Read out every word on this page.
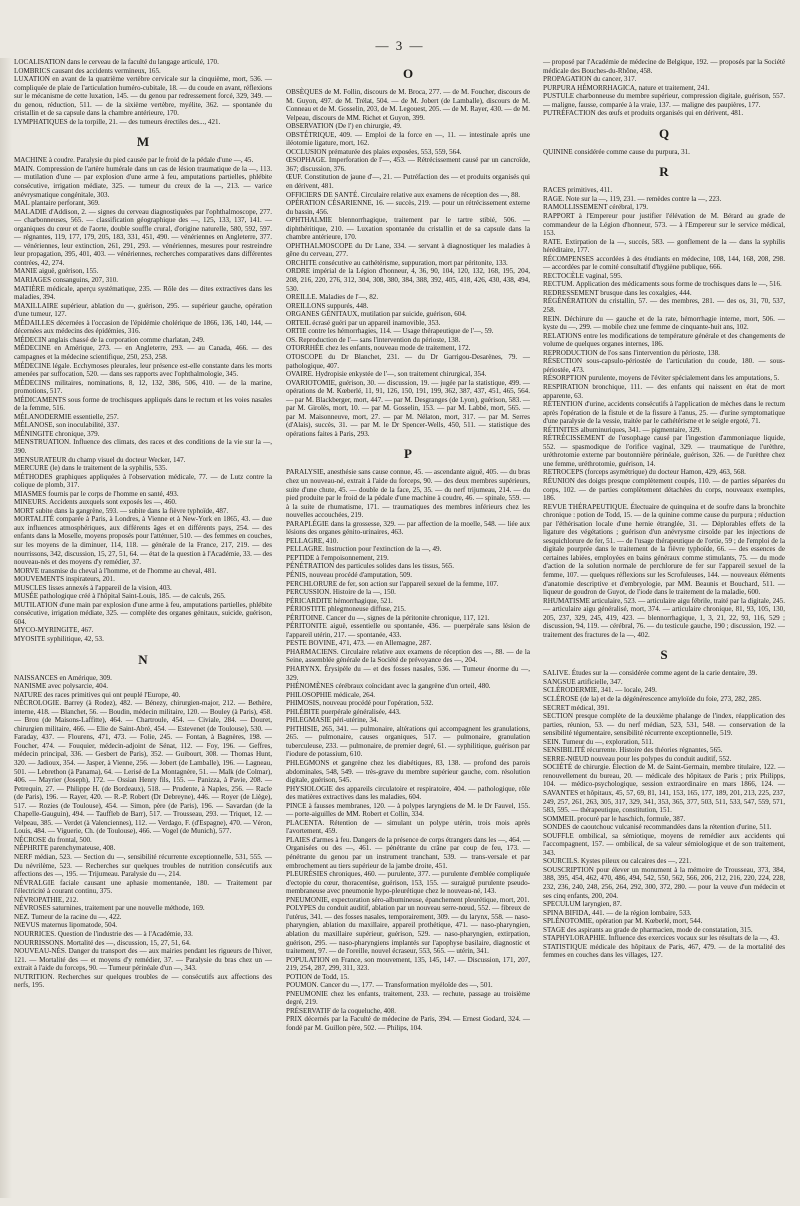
— 3 —

LOCALISATION dans le cerveau de la faculté du langage articulé, 170.

LOMBRICS causant des accidents vermineux, 165.

LUXATION en avant de la quatrième vertèbre cervicale sur la cinquième, mort, 536. — compliquée de plaie de l'articulation huméro-cubitale, 18. — du coude en avant, réflexions sur le mécanisme de cette luxation, 145. — du genou par redressement forcé, 329, 349. — du genou, réduction, 511. — de la sixième vertèbre, myélite, 362. — spontanée du cristallin et de sa capsule dans la chambre antérieure, 170.

LYMPHATIQUES de la torpille, 21. — des tumeurs érectiles des..., 421.

M

MACHINE à coudre. Paralysie du pied causée par le froid de la pédale d'une —, 45.

MAIN. Compression de l'artère humérale dans un cas de lésion traumatique de la —, 113. — mutilation d'une — par explosion d'une arme à feu, amputations partielles, phlébite consécutive, irrigation médiate, 325. — tumeur du creux de la —, 213. — varice anévrysmatique congénitale, 303.

MAL plantaire perforant, 369.

MALADIE d'Addison, 2. — signes du cerveau diagnostiquées par l'ophthalmoscope, 277. — charbonneuses, 565. — classification géographique des —, 125, 133, 137, 141. — organiques du cœur et de l'aorte, double souffle crural, d'origine naturelle, 580, 592, 597. — régnantes, 119, 177, 179, 205, 183, 331, 451, 490. — vénériennes en Angleterre, 377. — vénériennes, leur extinction, 261, 291, 293. — vénériennes, mesures pour restreindre leur propagation, 395, 401, 403. — vénériennes, recherches comparatives dans différentes contrées, 42, 274.

MANIE aiguë, guérison, 155.

MARIAGES consanguins, 207, 310.

MATIÈRE médicale, aperçu systématique, 235. — Rôle des — dites extractives dans les maladies, 394.

MAXILLAIRE supérieur, ablation du —, guérison, 295. — supérieur gauche, opération d'une tumeur, 127.

MÉDAILLES décernées à l'occasion de l'épidémie cholérique de 1866, 136, 140, 144, — décernées aux médecins des épidémies, 316.

MÉDECIN anglais chassé de la corporation comme charlatan, 249.

MÉDECINE en Amérique, 273. — en Angleterre, 293. — au Canada, 466. — des campagnes et la médecine scientifique, 250, 253, 258.

MÉDECINE légale. Ecchymoses pleurales, leur présence est-elle constante dans les morts amenées par suffocation, 520. — dans ses rapports avec l'ophthalmologie, 345.

MÉDECINS militaires, nominations, 8, 12, 132, 386, 506, 410. — de la marine, promotions, 517.

MÉDICAMENTS sous forme de trochisques appliqués dans le rectum et les voies nasales de la femme, 516.

MÉLANODERMIE essentielle, 257.

MÉLANOSE, son inoculabilité, 337.

MÉNINGITE chronique, 379.

MENSTRUATION. Influence des climats, des races et des conditions de la vie sur la —, 390.

MENSURATEUR du champ visuel du docteur Wecker, 147.

MERCURE (le) dans le traitement de la syphilis, 535.

MÉTHODES graphiques appliquées à l'observation médicale, 77. — de Lutz contre la colique de plomb, 317.

MIASMES fournis par le corps de l'homme en santé, 493.

MINEURS. Accidents auxquels sont exposés les —, 460.

MORT subite dans la gangrène, 593. — subite dans la fièvre typhoïde, 487.

MORTALITÉ comparée à Paris, à Londres, à Vienne et à New-York en 1865, 43. — due aux influences atmosphériques, aux différents âges et en différents pays, 254. — des enfants dans la Moselle, moyens proposés pour l'atténuer, 510. — des femmes en couches, sur les moyens de la diminuer, 114, 118. — générale de la France, 217, 219. — des nourrissons, 342, discussion, 15, 27, 51, 64. — état de la question à l'Académie, 33. — des nouveau-nés et des moyens d'y remédier, 37.

MORVE transmise du cheval à l'homme, et de l'homme au cheval, 481.

MOUVEMENTS inspirateurs, 201.

MUSCLES lisses annexés à l'appareil de la vision, 403.

MUSÉE pathologique créé à l'hôpital Saint-Louis, 185. — de calculs, 265.

MUTILATION d'une main par explosion d'une arme à feu, amputations partielles, phlébite consécutive, irrigation médiate, 325. — complète des organes génitaux, suicide, guérison, 604.

MYCO-MYRINGITE, 467.

MYOSITE syphilitique, 42, 53.

N

NAISSANCES en Amérique, 309.

NANISME avec polysarcie, 404.

NATURE des races primitives qui ont peuplé l'Europe, 40.

NÉCROLOGIE. Barrey (à Rodez), 482. — Bénezy, chirurgien-major, 212. — Bethère, interne, 418. — Blanchet, 56. — Boudin, médecin militaire, 120. — Bouley (à Paris), 458. — Brou (de Maisons-Laffitte), 464. — Chartroule, 454. — Civiale, 284. — Douret, chirurgien militaire, 466. — Elie de Saint-Abré, 454. — Estevenet (de Toulouse), 530. — Faraday, 437. — Flourens, 471, 473. — Folie, 245. — Fontan, à Bagnères, 198. — Foucher, 474. — Fouquier, médecin-adjoint de Sénat, 112. — Foy, 196. — Geffres, médecin principal, 336. — Gesbert de Paris), 352. — Guibourt, 308. — Thomas Hunt, 320. — Jadioux, 354. — Jasper, à Vienne, 256. — Jobert (de Lamballe), 196. — Lagneau, 501. — Lebrethon (à Panama), 64. — Lerisé de La Montagnère, 51. — Malk (de Colmar), 406. — Mayrier (Joseph), 172. — Ossian Henry fils, 155. — Panizza, à Pavie, 208. — Petrequin, 27. — Philippe H. (de Bordeaux), 518. — Prudente, à Naples, 256. — Racle (de Paris), 196. — Rayer, 420. — R.-P. Robert (Dr Debreyne), 446. — Royer (de Liège), 517. — Rozies (de Toulouse), 454. — Simon, père (de Paris), 196. — Savardan (de la Chapelle-Gauguin), 494. — Tauffleb de Barr), 517. — Trousseau, 293. — Triquet, 12. — Velpeau, 385. — Verdet (à Valenciennes), 112. — Verdago, F. (d'Espagne), 470. — Véron, Louis, 484. — Viguerie, Ch. (de Toulouse), 466. — Vogel (de Munich), 577.

NÉCROSE du frontal, 500.

NÉPHRITE parenchymateuse, 408.

NERF médian, 523. — Section du —, sensibilité récurrente exceptionnelle, 531, 555. — Du névrilème, 523. — Recherches sur quelques troubles de nutrition consécutifs aux affections des —, 195. — Trijumeau. Paralysie du —, 214.

NÉVRALGIE faciale causant une aphasie momentanée, 180. — Traitement par l'électricité à courant continu, 375.

NÉVROPATHIE, 212.

NÉVROSES saturnines, traitement par une nouvelle méthode, 169.

NEZ. Tumeur de la racine du —, 422.

NŒVUS maternus lipomatode, 504.

NOURRICES. Question de l'industrie des — à l'Académie, 33.

NOURRISSONS. Mortalité des —, discussion, 15, 27, 51, 64.

NOUVEAU-NÉS. Danger du transport des — aux mairies pendant les rigueurs de l'hiver, 121. — Mortalité des — et moyens d'y remédier, 37. — Paralysie du bras chez un — extrait à l'aide du forceps, 90. — Tumeur périnéale d'un —, 343.

NUTRITION. Recherches sur quelques troubles de — consécutifs aux affections des nerfs, 195.

O

OBSÈQUES de M. Follin, discours de M. Broca, 277. — de M. Foucher, discours de M. Guyon, 497. de M. Trélat, 504. — de M. Jobert (de Lamballe), discours de M. Conneau et de M. Gosselin, 203, de M. Legouest, 205. — de M. Rayer, 430. — de M. Velpeau, discours de MM. Richet et Guyon, 399.

OBSERVATION (De l') en chirurgie, 49.

OBSTÉTRIQUE, 409. — Emploi de la force en —, 11. — intestinale après une iléotomie ligature, mort, 162.

OCCLUSION prématurée des plaies exposées, 553, 559, 564.

ŒSOPHAGE. Imperforation de l'—, 453. — Rétrécissement causé par un cancroïde, 367; discussion, 376.

ŒUF. Constitution de jaune d'—, 21. — Putréfaction des — et produits organisés qui en dérivent, 481.

OFFICIERS DE SANTÉ. Circulaire relative aux examens de réception des —, 88.

OPÉRATION CÉSARIENNE, 16. — succès, 219. — pour un rétrécissement externe du bassin, 456.

OPHTHALMIE blennorrhagique, traitement par le tartre stibié, 506. — diphthéritique, 210. — Luxation spontanée du cristallin et de sa capsule dans la chambre antérieure, 170.

OPHTHALMOSCOPE du Dr Lane, 334. — servant à diagnostiquer les maladies à gêne du cerveau, 277.

ORCHITE consécutive au cathétérisme, suppuration, mort par péritonite, 133.

ORDRE impérial de la Légion d'honneur, 4, 36, 90, 104, 120, 132, 168, 195, 204, 208, 216, 220, 276, 312, 304, 308, 380, 384, 388, 392, 405, 418, 426, 430, 438, 494, 530.

OREILLE. Maladies de l'—, 82.

OREILLONS suppurés, 448.

ORGANES GÉNITAUX, mutilation par suicide, guérison, 604.

ORTEIL écrasé guéri par un appareil inamovible, 353.

ORTIE contre les hémorrhagies, 114. — Usage thérapeutique de l'—, 59.

OS. Reproduction de l'— sans l'intervention du périoste, 138.

OTORRHÉE chez les enfants, nouveau mode de traitement, 172.

OTOSCOPE du Dr Blanchet, 231. — du Dr Garrigou-Desarènes, 79. — pathologique, 407.

OVAIRE. Hydropisie enkystée de l'—, son traitement chirurgical, 354.

OVARIOTOMIE, guérison, 30. — discussion, 19. — jugée par la statistique, 499. — opérations de M. Kœberlé, 11, 91, 126, 150, 191, 199, 362, 387, 437, 451, 465, 564. — par M. Blackberger, mort, 447. — par M. Desgranges (de Lyon), guérison, 583. — par M. Girolès, mort, 10. — par M. Gosselin, 153. — par M. Labbé, mort, 565. — par M. Maisonneuve, mort, 27. — par M. Nélaton, mort, 317. — par M. Serres (d'Alais), succès, 31. — par M. le Dr Spencer-Wells, 450, 511. — statistique des opérations faites à Paris, 293.

P

PARALYSIE, anesthésie sans cause connue, 45. — ascendante aiguë, 405. — du bras chez un nouveau-né, extrait à l'aide du forceps, 90. — des deux membres supérieurs, suite d'une chute, 45. — double de la face, 25, 35. — du nerf trijumeau, 214. — du pied produite par le froid de la pédale d'une machine à coudre, 46. — spinale, 559. — à la suite de rhumatisme, 171. — traumatiques des membres inférieurs chez les nouvelles accouchées, 219.

PARAPLÉGIE dans la grossesse, 329. — par affection de la moelle, 548. — liée aux lésions des organes génito-urinaires, 463.

PELLAGRE, 410.

PELLAGRE. Instruction pour l'extinction de la —, 49.

PEPTIDE à l'empoisonnement, 219.

PÉNÉTRATION des particules solides dans les tissus, 565.

PÉNIS, nouveau procédé d'amputation, 509.

PERCHLORURE de fer, son action sur l'appareil sexuel de la femme, 107.

PERCUSSION. Histoire de la —, 150.

PÉRICARDITE hémorrhagique, 521.

PÉRIOSTITE phlegmoneuse diffuse, 215.

PÉRITOINE. Cancer du —, signes de la péritonite chronique, 117, 121.

PÉRITONITE aiguë, essentielle ou spontanée, 436. — puerpérale sans lésion de l'appareil utérin, 217. — spontanée, 433.

PESTE BOVINE, 471, 473. — en Allemagne, 287.

PHARMACIENS. Circulaire relative aux examens de réception des —, 88. — de la Seine, assemblée générale de la Société de prévoyance des —, 204.

PHARYNX. Érysipèle du — et des fosses nasales, 536. — Tumeur énorme du —, 329.

PHÉNOMÈNES cérébraux coïncidant avec la gangrène d'un orteil, 480.

PHILOSOPHIE médicale, 264.

PHIMOSIS, nouveau procédé pour l'opération, 532.

PHLÉBITE puerpérale généralisée, 443.

PHLEGMASIE péri-utérine, 34.

PHTHISIE, 265, 341. — pulmonaire, altérations qui accompagnent les granulations, 265. — pulmonaire, causes organiques, 517. — pulmonaire, granulation tuberculeuse, 233. — pulmonaire, de premier degré, 61. — syphilitique, guérison par l'iodure de potassium, 610.

PHLEGMONS et gangrène chez les diabétiques, 83, 138. — profond des parois abdominales, 548, 549. — très-grave du membre supérieur gauche, com. résolution digitale, guérison, 545.

PHYSIOLOGIE des appareils circulatoire et respiratoire, 404. — pathologique, rôle des matières extractives dans les maladies, 604.

PINCE à fausses membranes, 120. — à polypes laryngiens de M. le Dr Fauvel, 155. — porte-aiguilles de MM. Robert et Collin, 334.

PLACENTA. Rétention de — simulant un polype utérin, trois mois après l'avortement, 459.

PLAIES d'armes à feu. Dangers de la présence de corps étrangers dans les —, 464. — Organisées ou des —, 461. — pénétrante du crâne par coup de feu, 173. — pénétrante du genou par un instrument tranchant, 539. — trans-versale et par embrochement au tiers supérieur de la jambe droite, 451.

PLEURÉSIES chroniques, 460. — purulente, 377. — purulente d'emblée compliquée d'ectopie du cœur, thoracentèse, guérison, 153, 155. — suraiguë purulente pseudo-membraneuse avec pneumonie hypo-pleurétique chez le nouveau-né, 143.

PNEUMONIE, expectoration séro-albumineuse, épanchement pleurétique, mort, 201.

POLYPES du conduit auditif, ablation par un nouveau serre-nœud, 552. — fibreux de l'utérus, 341. — des fosses nasales, temporairement, 309. — du larynx, 558. — naso-pharyngien, ablation du maxillaire, appareil prothétique, 471. — naso-pharyngien, ablation du maxillaire supérieur, guérison, 529. — naso-pharyngien, extirpation, guérison, 295. — naso-pharyngiens implantés sur l'apophyse basilaire, diagnostic et traitement, 97. — de l'oreille, nouvel écraseur, 553, 565. — utérin, 341.

POPULATION en France, son mouvement, 135, 145, 147. — Discussion, 171, 207, 219, 254, 287, 299, 311, 323.

POTION de Todd, 15.

POUMON. Cancer du —, 177. — Transformation myéloïde des —, 501.

PNEUMONIE chez les enfants, traitement, 233. — rechute, passage au troisième degré, 219.

PRÉSERVATIF de la coqueluche, 408.

PRIX décernés par la Faculté de médecine de Paris, 394. — Ernest Godard, 324. — fondé par M. Guillon père, 502. — Philips, 104.

— proposé par l'Académie de médecine de Belgique, 192. — proposés par la Société médicale des Bouches-du-Rhône, 458.

PROPAGATION du cancer, 317.

PURPURA HÉMORRHAGICA, nature et traitement, 241.

PUSTULE charbonneuse du membre supérieur, compression digitale, guérison, 557. — maligne, fausse, comparée à la vraie, 137. — maligne des paupières, 177.

PUTRÉFACTION des œufs et produits organisés qui en dérivent, 481.

Q

QUININE considérée comme cause du purpura, 31.

R

RACES primitives, 411.

RAGE. Note sur la —, 119, 231. — remèdes contre la —, 223.

RAMOLLISSEMENT cérébral, 179.

RAPPORT à l'Empereur pour justifier l'élévation de M. Bérard au grade de commandeur de la Légion d'honneur, 573. — à l'Empereur sur le service médical, 153.

RATE. Extirpation de la —, succès, 583. — gonflement de la — dans la syphilis héréditaire, 177.

RÉCOMPENSES accordées à des étudiants en médecine, 108, 144, 168, 208, 298. — accordées par le comité consultatif d'hygiène publique, 666.

RECTOCÈLE vaginal, 595.

RECTUM. Application des médicaments sous forme de trochisques dans le —, 516.

REDRESSEMENT brusque dans les coxalgies, 444.

RÉGÉNÉRATION du cristallin, 57. — des membres, 281. — des os, 31, 70, 537, 258.

REIN. Déchirure du — gauche et de la rate, hémorrhagie interne, mort, 506. — kyste du —, 299. — mobile chez une femme de cinquante-huit ans, 102.

RELATIONS entre les modifications de température générale et des changements de volume de quelques organes internes, 186.

REPRODUCTION de l'os sans l'intervention du périoste, 138.

RÉSECTION sous-capsulo-périostée de l'articulation du coude, 180. — sous-périostée, 473.

RÉSORPTION purulente, moyens de l'éviter spécialement dans les amputations, 5.

RESPIRATION bronchique, 111. — des enfants qui naissent en état de mort apparente, 63.

RÉTENTION d'urine, accidents consécutifs à l'application de mèches dans le rectum après l'opération de la fistule et de la fissure à l'anus, 25. — d'urine symptomatique d'une paralysie de la vessie, traitée par le cathétérisme et le seigle ergoté, 71.

RÉTINITES albuminuriques, 341. — pigmentaire, 329.

RÉTRÉCISSEMENT de l'œsophage causé par l'ingestion d'ammoniaque liquide, 552. — spasmodique de l'orifice vaginal, 329. — traumatique de l'urèthre, uréthrotomie externe par boutonnière périnéale, guérison, 326. — de l'urèthre chez une femme, uréthrotomie, guérison, 14.

RETROCEPS (forceps asymétrique) du docteur Hamon, 429, 463, 568.

RÉUNION des doigts presque complètement coupés, 110. — de parties séparées du corps, 102. — de parties complètement détachées du corps, nouveaux exemples, 186.

REVUE THÉRAPEUTIQUE. Électuaire de quinquina et de soufre dans la bronchite chronique : potion de Todd, 15. — de la quinine comme cause du purpura ; réduction par l'éthérisation locale d'une hernie étranglée, 31. — Déplorables effets de la ligature des végétations ; guérison d'un anévrysme cirsoïde par les injections de sesquichlorure de fer, 51. — de l'usage thérapeutique de l'ortie, 59 ; de l'emploi de la digitale pourprée dans le traitement de la fièvre typhoïde, 66. — des essences de certaines labiées, employées en bains généraux comme stimulants, 75. — du mode d'action de la solution normale de perchlorure de fer sur l'appareil sexuel de la femme, 107. — quelques réflexions sur les Scrofuleuses, 144. — nouveaux éléments d'anatomie descriptive et d'embryologie, par MM. Beaunis et Bouchard, 511. — liqueur de goudron de Guyot, de l'iode dans le traitement de la maladie, 600.

RHUMATISME articulaire, 523. — articulaire aigu fébrile, traité par la digitale, 245. — articulaire aigu généralisé, mort, 374. — articulaire chronique, 81, 93, 105, 130, 205, 237, 329, 245, 419, 423. — blennorrhagique, 1, 3, 21, 22, 93, 116, 529 ; discussion, 94, 119. — cérébral, 76. — du testicule gauche, 190 ; discussion, 192. — traitement des fractures de la —, 402.

S

SALIVE. Études sur la — considérée comme agent de la carie dentaire, 39.

SANGSUE artificielle, 347.

SCLÉRODERMIE, 341. — locale, 249.

SCLÉROSE (de la) et de la dégénérescence amyloïde du foie, 273, 282, 285.

SECRET médical, 391.

SECTION presque complète de la deuxième phalange de l'index, réapplication des parties, réunion, 53. — du nerf médian, 523, 531, 548. — conservation de la sensibilité tégumentaire, sensibilité récurrente exceptionnelle, 519.

SEIN. Tumeur du —, exploration, 511.

SENSIBILITÉ récurrente. Histoire des théories régnantes, 565.

SERRE-NŒUD nouveau pour les polypes du conduit auditif, 552.

SOCIÉTÉ de chirurgie. Élection de M. de Saint-Germain, membre titulaire, 122. — renouvellement du bureau, 20. — médicale des hôpitaux de Paris ; prix Philipps, 104. — médico-psychologique, session extraordinaire en mars 1866, 124. — SAVANTES et hôpitaux, 45, 57, 69, 81, 141, 153, 165, 177, 189, 201, 213, 225, 237, 249, 257, 261, 263, 305, 317, 329, 341, 353, 365, 377, 503, 511, 533, 547, 559, 571, 583, 595. — thérapeutique, constitution, 151.

SOMMEIL procuré par le haschich, formule, 387.

SONDES de caoutchouc vulcanisé recommandées dans la rétention d'urine, 511.

SOUFFLE ombilical, sa sémiotique, moyens de remédier aux accidents qui l'accompagnent, 157. — ombilical, de sa valeur sémiologique et de son traitement, 343.

SOURCILS. Kystes pileux ou calcaires des —, 221.

SOUSCRIPTION pour élever un monument à la mémoire de Trousseau, 373, 384, 388, 395, 454, 462, 470, 486, 494, 542, 550, 562, 566, 206, 212, 216, 220, 224, 228, 232, 236, 240, 248, 256, 264, 292, 300, 372, 280. — pour la veuve d'un médecin et ses cinq enfants, 200, 204.

SPECULUM laryngien, 87.

SPINA BIFIDA, 441. — de la région lombaire, 533.

SPLÉNOTOMIE, opération par M. Kœberlé, mort, 544.

STAGE des aspirants au grade de pharmacien, mode de constatation, 315.

STAPHYLORAPHIE. Influence des exercices vocaux sur les résultats de la —, 43.

STATISTIQUE médicale des hôpitaux de Paris, 467, 479. — de la mortalité des femmes en couches dans les villages, 127.
